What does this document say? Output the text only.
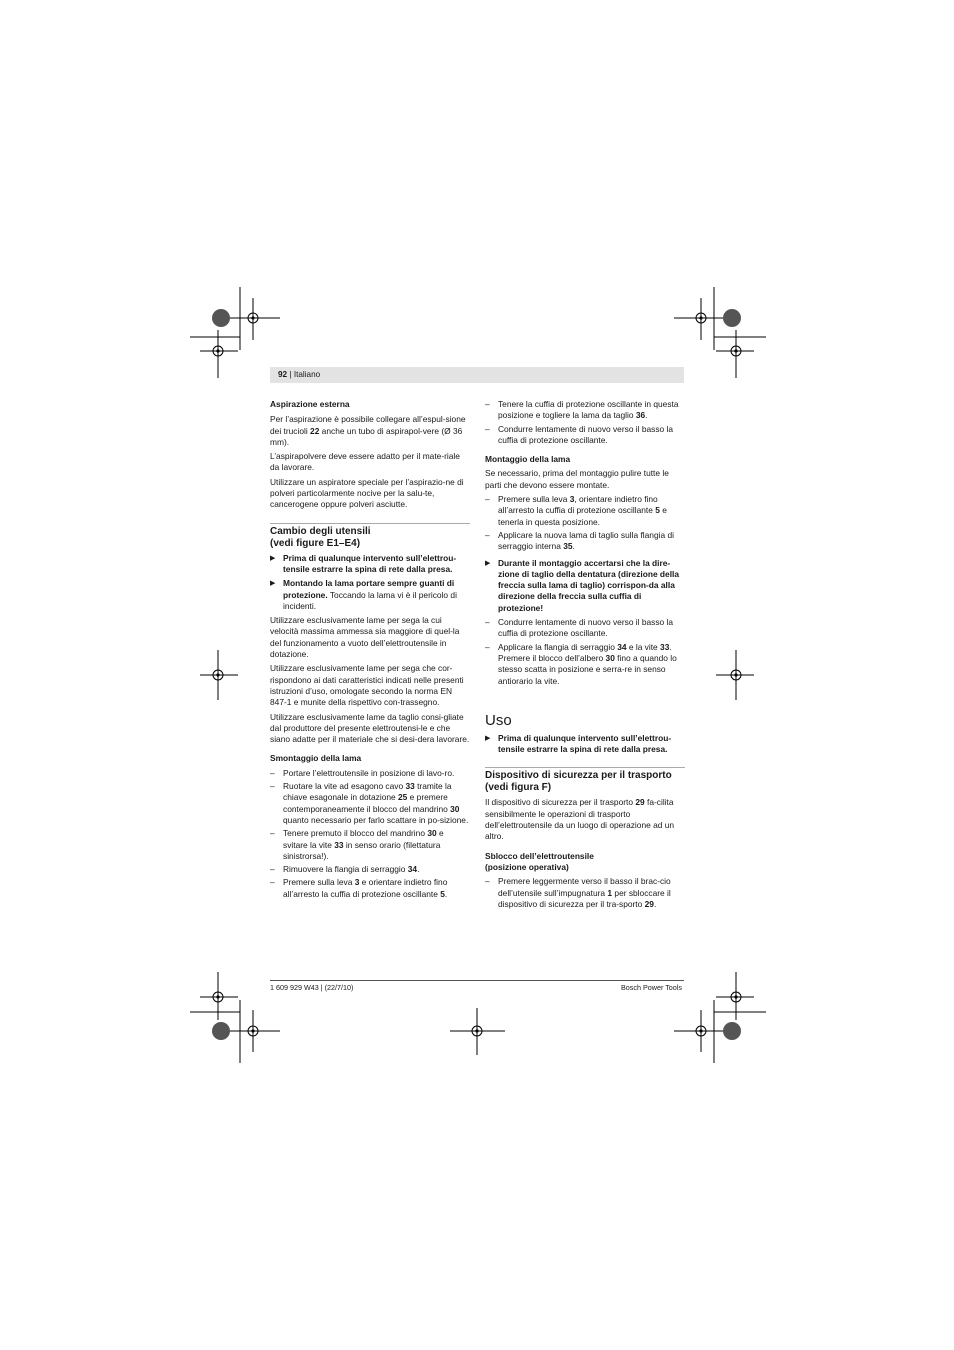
92 | Italiano

Aspirazione esterna

Per l’aspirazione è possibile collegare all’espul-sione dei trucioli 22 anche un tubo di aspirapol-vere (Ø 36 mm).

L’aspirapolvere deve essere adatto per il mate-riale da lavorare.

Utilizzare un aspiratore speciale per l’aspirazio-ne di polveri particolarmente nocive per la salu-te, cancerogene oppure polveri asciutte.

Cambio degli utensili

(vedi figure E1–E4)

▶ Prima di qualunque intervento sull’elettrou-tensile estrarre la spina di rete dalla presa.
▶ Montando la lama portare sempre guanti di protezione. Toccando la lama vi è il pericolo di incidenti.

Utilizzare esclusivamente lame per sega la cui velocità massima ammessa sia maggiore di quel-la del funzionamento a vuoto dell’elettroutensile in dotazione.

Utilizzare esclusivamente lame per sega che cor-rispondono ai dati caratteristici indicati nelle presenti istruzioni d’uso, omologate secondo la norma EN 847-1 e munite della rispettivo con-trassegno.

Utilizzare esclusivamente lame da taglio consi-gliate dal produttore del presente elettroutensi-le e che siano adatte per il materiale che si desi-dera lavorare.

Smontaggio della lama

– Portare l’elettroutensile in posizione di lavo-ro.
– Ruotare la vite ad esagono cavo 33 tramite la chiave esagonale in dotazione 25 e premere contemporaneamente il blocco del mandrino 30 quanto necessario per farlo scattare in po-sizione.
– Tenere premuto il blocco del mandrino 30 e svitare la vite 33 in senso orario (filettatura sinistrorsa!).
– Rimuovere la flangia di serraggio 34.
– Premere sulla leva 3 e orientare indietro fino all’arresto la cuffia di protezione oscillante 5.
– Tenere la cuffia di protezione oscillante in questa posizione e togliere la lama da taglio 36.
– Condurre lentamente di nuovo verso il basso la cuffia di protezione oscillante.

Montaggio della lama

Se necessario, prima del montaggio pulire tutte le parti che devono essere montate.

– Premere sulla leva 3, orientare indietro fino all’arresto la cuffia di protezione oscillante 5 e tenerla in questa posizione.
– Applicare la nuova lama di taglio sulla flangia di serraggio interna 35.
▶ Durante il montaggio accertarsi che la dire-zione di taglio della dentatura (direzione della freccia sulla lama di taglio) corrispon-da alla direzione della freccia sulla cuffia di protezione!
– Condurre lentamente di nuovo verso il basso la cuffia di protezione oscillante.
– Applicare la flangia di serraggio 34 e la vite 33.
Premere il blocco dell’albero 30 fino a quando lo stesso scatta in posizione e serra-re in senso antiorario la vite.

Uso

▶ Prima di qualunque intervento sull’elettrou-tensile estrarre la spina di rete dalla presa.

Dispositivo di sicurezza per il trasporto

(vedi figura F)

Il dispositivo di sicurezza per il trasporto 29 fa-cilita sensibilmente le operazioni di trasporto dell’elettroutensile da un luogo di operazione ad un altro.

Sblocco dell’elettroutensile

(posizione operativa)

– Premere leggermente verso il basso il brac-cio dell’utensile sull’impugnatura 1 per sbloccare il dispositivo di sicurezza per il tra-sporto 29.
1 609 929 W43 | (22/7/10)	Bosch Power Tools
